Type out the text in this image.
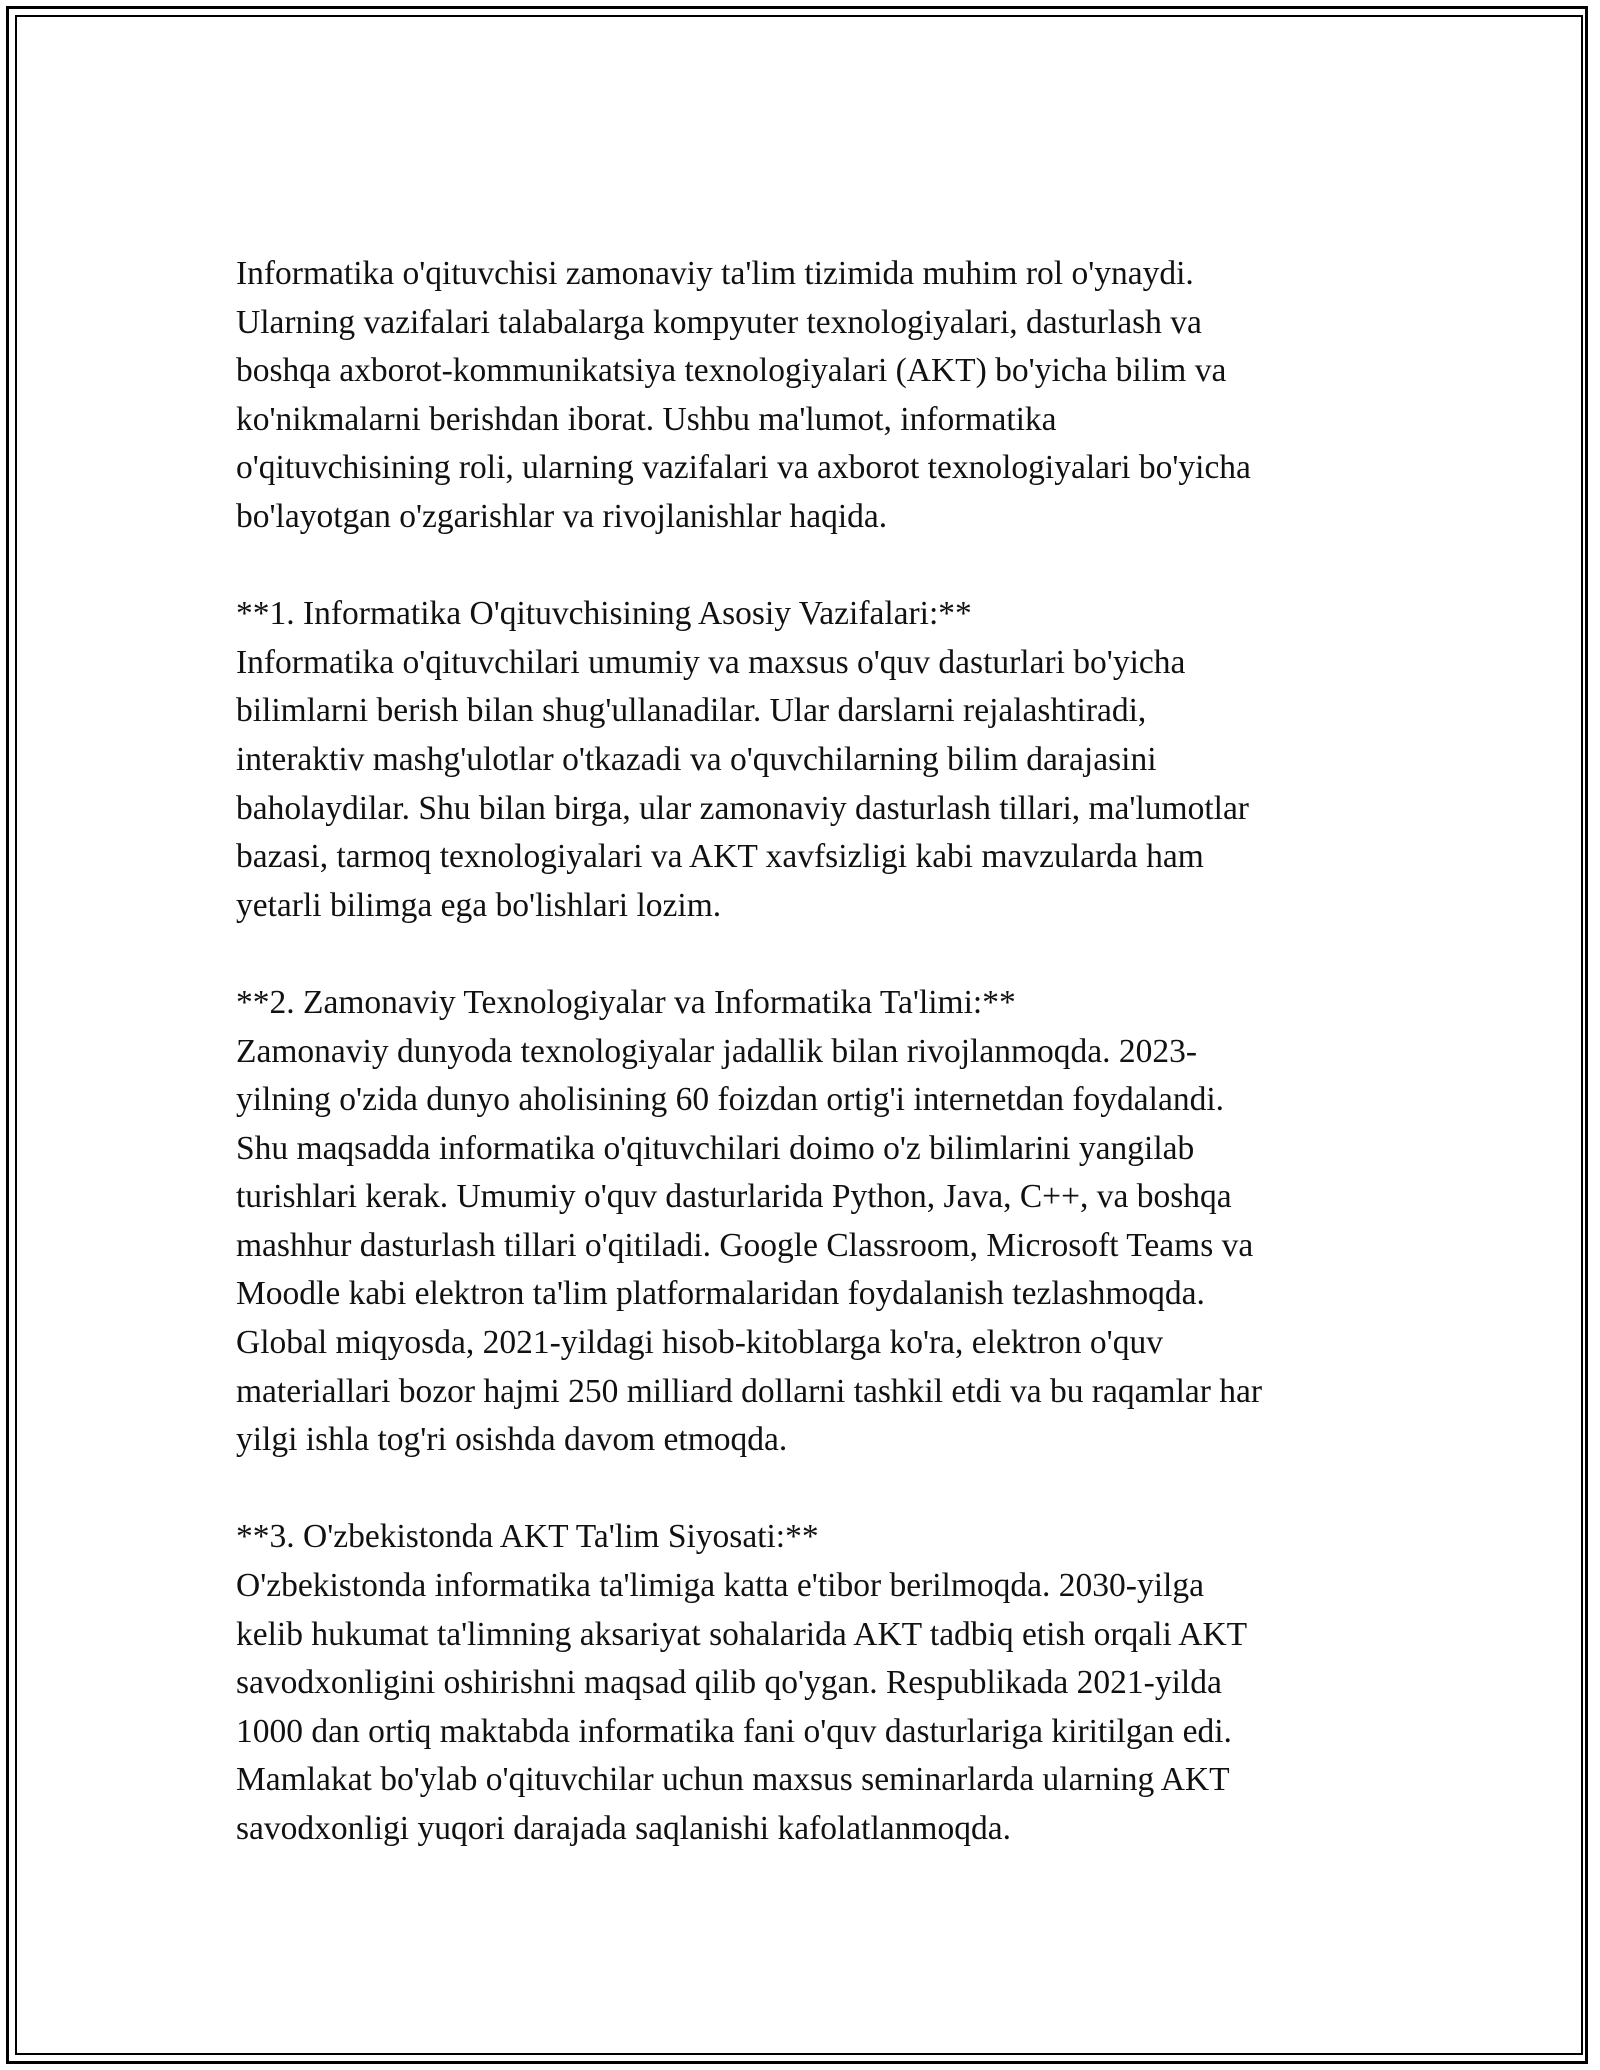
Informatika o'qituvchisi zamonaviy ta'lim tizimida muhim rol o'ynaydi.
Ularning vazifalari talabalarga kompyuter texnologiyalari, dasturlash va
boshqa axborot-kommunikatsiya texnologiyalari (AKT) bo'yicha bilim va
ko'nikmalarni berishdan iborat. Ushbu ma'lumot, informatika
o'qituvchisining roli, ularning vazifalari va axborot texnologiyalari bo'yicha
bo'layotgan o'zgarishlar va rivojlanishlar haqida.

**1. Informatika O'qituvchisining Asosiy Vazifalari:**

Informatika o'qituvchilari umumiy va maxsus o'quv dasturlari bo'yicha
bilimlarni berish bilan shug'ullanadilar. Ular darslarni rejalashtiradi,
interaktiv mashg'ulotlar o'tkazadi va o'quvchilarning bilim darajasini
baholaydilar. Shu bilan birga, ular zamonaviy dasturlash tillari, ma'lumotlar
bazasi, tarmoq texnologiyalari va AKT xavfsizligi kabi mavzularda ham
yetarli bilimga ega bo'lishlari lozim.

**2. Zamonaviy Texnologiyalar va Informatika Ta'limi:**

Zamonaviy dunyoda texnologiyalar jadallik bilan rivojlanmoqda. 2023-
yilning o'zida dunyo aholisining 60 foizdan ortig'i internetdan foydalandi.
Shu maqsadda informatika o'qituvchilari doimo o'z bilimlarini yangilab
turishlari kerak. Umumiy o'quv dasturlarida Python, Java, C++, va boshqa
mashhur dasturlash tillari o'qitiladi. Google Classroom, Microsoft Teams va
Moodle kabi elektron ta'lim platformalaridan foydalanish tezlashmoqda.
Global miqyosda, 2021-yildagi hisob-kitoblarga ko'ra, elektron o'quv
materiallari bozor hajmi 250 milliard dollarni tashkil etdi va bu raqamlar har
yilgi ishla tog'ri osishda davom etmoqda.

**3. O'zbekistonda AKT Ta'lim Siyosati:**

O'zbekistonda informatika ta'limiga katta e'tibor berilmoqda. 2030-yilga
kelib hukumat ta'limning aksariyat sohalarida AKT tadbiq etish orqali AKT
savodxonligini oshirishni maqsad qilib qo'ygan. Respublikada 2021-yilda
1000 dan ortiq maktabda informatika fani o'quv dasturlariga kiritilgan edi.
Mamlakat bo'ylab o'qituvchilar uchun maxsus seminarlarda ularning AKT
savodxonligi yuqori darajada saqlanishi kafolatlanmoqda.
